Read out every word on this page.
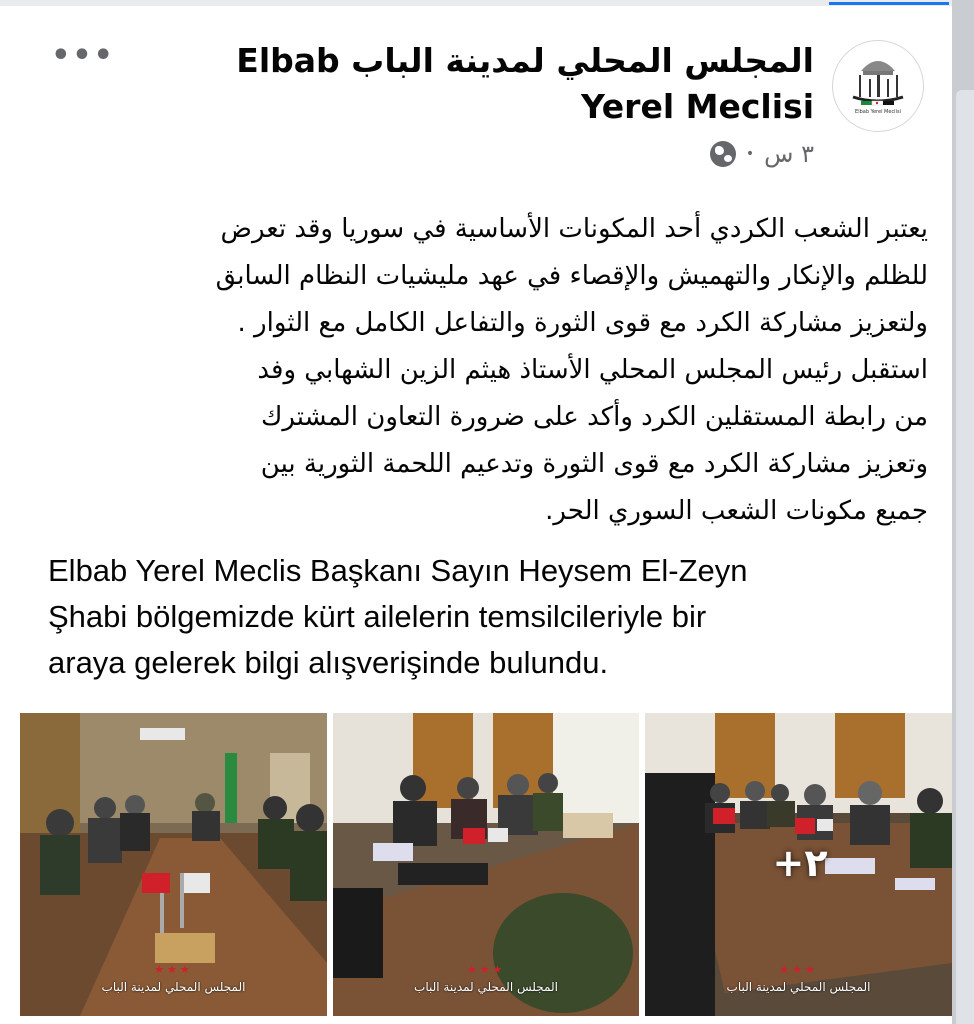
Elbab Yerel Meclisi
المجلس المحلي لمدينة الباب Elbab Yerel Meclisi
٣ س
•
•••
يعتبر الشعب الكردي أحد المكونات الأساسية في سوريا وقد تعرض
للظلم والإنكار والتهميش والإقصاء في عهد مليشيات النظام السابق
ولتعزيز مشاركة الكرد مع قوى الثورة والتفاعل الكامل مع الثوار .
استقبل رئيس المجلس المحلي الأستاذ هيثم الزين الشهابي وفد
من رابطة المستقلين الكرد وأكد على ضرورة التعاون المشترك
وتعزيز مشاركة الكرد مع قوى الثورة وتدعيم اللحمة الثورية بين
جميع مكونات الشعب السوري الحر.
Elbab Yerel Meclis Başkanı Sayın Heysem El-Zeyn
Şhabi bölgemizde kürt ailelerin temsilcileriyle bir
araya gelerek bilgi alışverişinde bulundu.
★★★
المجلس المحلي لمدينة الباب
★★★
المجلس المحلي لمدينة الباب
★★★
المجلس المحلي لمدينة الباب
+٢
